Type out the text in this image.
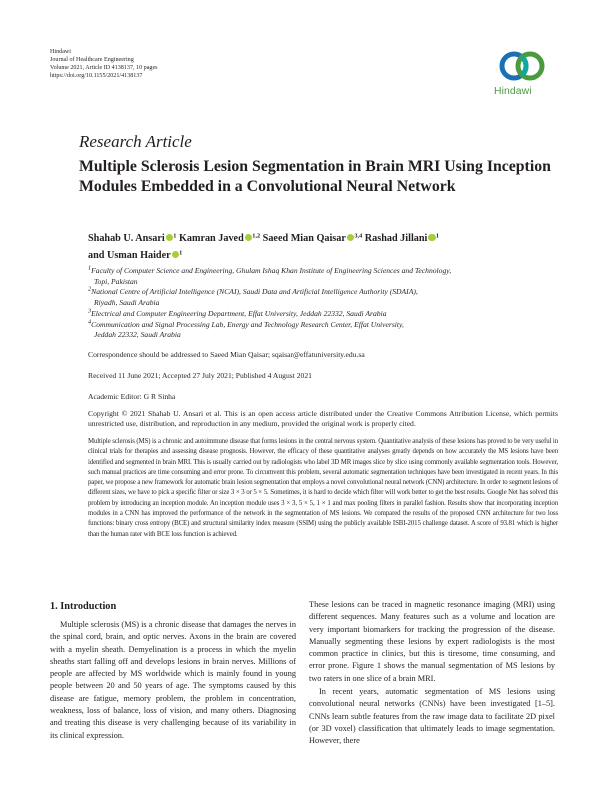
Hindawi
Journal of Healthcare Engineering
Volume 2021, Article ID 4138137, 10 pages
https://doi.org/10.1155/2021/4138137
Hindawi
Research Article
Multiple Sclerosis Lesion Segmentation in Brain MRI Using Inception Modules Embedded in a Convolutional Neural Network
Shahab U. Ansari $^1$ Kamran Javed $^{1,2}$ Saeed Mian Qaisar $^{3,4}$ Rashad Jillani $^1$
and Usman Haider $^1$
$^1$Faculty of Computer Science and Engineering, Ghulam Ishaq Khan Institute of Engineering Sciences and Technology,
Topi, Pakistan
$^2$National Centre of Artificial Intelligence (NCAI), Saudi Data and Artificial Intelligence Authority (SDAIA),
Riyadh, Saudi Arabia
$^3$Electrical and Computer Engineering Department, Effat University, Jeddah 22332, Saudi Arabia
$^4$Communication and Signal Processing Lab, Energy and Technology Research Center, Effat University,
Jeddah 22332, Saudi Arabia
Correspondence should be addressed to Saeed Mian Qaisar; sqaisar@effatuniversity.edu.sa
Received 11 June 2021; Accepted 27 July 2021; Published 4 August 2021
Academic Editor: G R Sinha
Copyright © 2021 Shahab U. Ansari et al. This is an open access article distributed under the Creative Commons Attribution License, which permits unrestricted use, distribution, and reproduction in any medium, provided the original work is properly cited.
Multiple sclerosis (MS) is a chronic and autoimmune disease that forms lesions in the central nervous system. Quantitative analysis of these lesions has proved to be very useful in clinical trials for therapies and assessing disease prognosis. However, the efficacy of these quantitative analyses greatly depends on how accurately the MS lesions have been identified and segmented in brain MRI. This is usually carried out by radiologists who label 3D MR images slice by slice using commonly available segmentation tools. However, such manual practices are time consuming and error prone. To circumvent this problem, several automatic segmentation techniques have been investigated in recent years. In this paper, we propose a new framework for automatic brain lesion segmentation that employs a novel convolutional neural network (CNN) architecture. In order to segment lesions of different sizes, we have to pick a specific filter or size 3 × 3 or 5 × 5. Sometimes, it is hard to decide which filter will work better to get the best results. Google Net has solved this problem by introducing an inception module. An inception module uses 3 × 3, 5 × 5, 1 × 1 and max pooling filters in parallel fashion. Results show that incorporating inception modules in a CNN has improved the performance of the network in the segmentation of MS lesions. We compared the results of the proposed CNN architecture for two loss functions: binary cross entropy (BCE) and structural similarity index measure (SSIM) using the publicly available ISBI-2015 challenge dataset. A score of 93.81 which is higher than the human rater with BCE loss function is achieved.
1. Introduction

Multiple sclerosis (MS) is a chronic disease that damages the nerves in the spinal cord, brain, and optic nerves. Axons in the brain are covered with a myelin sheath. Demyelination is a process in which the myelin sheaths start falling off and develops lesions in brain nerves. Millions of people are affected by MS worldwide which is mainly found in young people between 20 and 50 years of age. The symptoms caused by this disease are fatigue, memory problem, the problem in concentration, weakness, loss of balance, loss of vision, and many others. Diagnosing and treating this disease is very challenging because of its variability in its clinical expression.

These lesions can be traced in magnetic resonance imaging (MRI) using different sequences. Many features such as a volume and location are very important biomarkers for tracking the progression of the disease. Manually segmenting these lesions by expert radiologists is the most common practice in clinics, but this is tiresome, time consuming, and error prone. Figure 1 shows the manual segmentation of MS lesions by two raters in one slice of a brain MRI.

In recent years, automatic segmentation of MS lesions using convolutional neural networks (CNNs) have been investigated [1–5]. CNNs learn subtle features from the raw image data to facilitate 2D pixel (or 3D voxel) classification that ultimately leads to image segmentation. However, there
